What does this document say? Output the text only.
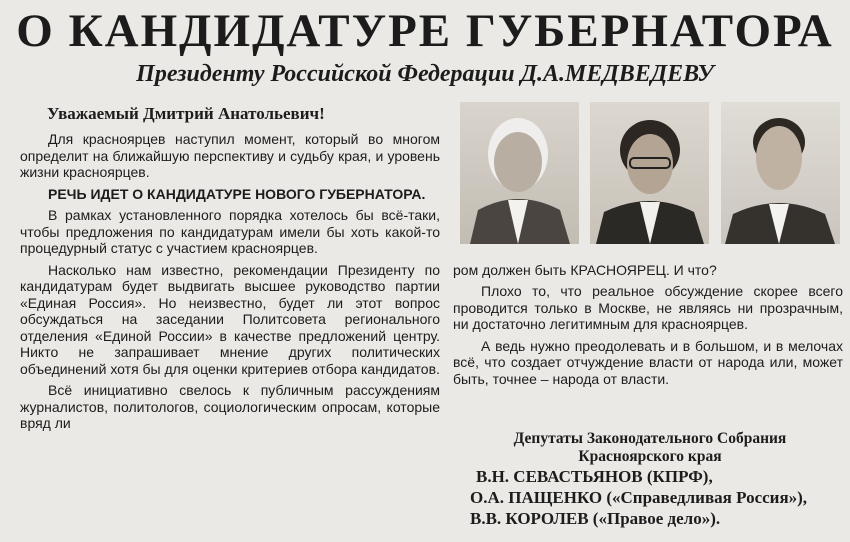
О КАНДИДАТУРЕ ГУБЕРНАТОРА
Президенту Российской Федерации Д.А.МЕДВЕДЕВУ
Уважаемый Дмитрий Анатольевич!

Для красноярцев наступил момент, который во многом определит на ближайшую перспективу и судьбу края, и уровень жизни красноярцев.

РЕЧЬ ИДЕТ О КАНДИДАТУРЕ НОВОГО ГУБЕРНАТОРА.

В рамках установленного порядка хотелось бы всё-таки, чтобы предложения по кандидатурам имели бы хоть какой-то процедурный статус с участием красноярцев.

Насколько нам известно, рекомендации Президенту по кандидатурам будет выдвигать высшее руководство партии «Единая Россия». Но неизвестно, будет ли этот вопрос обсуждаться на заседании Политсовета регионального отделения «Единой России» в качестве предложений центру. Никто не запрашивает мнение других политических объединений хотя бы для оценки критериев отбора кандидатов.

Всё инициативно свелось к публичным рассуждениям журналистов, политологов, социологическим опросам, которые вряд ли

ром должен быть КРАСНОЯРЕЦ. И что?

Плохо то, что реальное обсуждение скорее всего проводится только в Москве, не являясь ни прозрачным, ни достаточно легитимным для красноярцев.

А ведь нужно преодолевать и в большом, и в мелочах всё, что создает отчуждение власти от народа или, может быть, точнее – народа от власти.

Депутаты Законодательного Собрания
Красноярского края
В.Н. СЕВАСТЬЯНОВ (КПРФ),
О.А. ПАЩЕНКО («Справедливая Россия»),
В.В. КОРОЛЕВ («Правое дело»).
